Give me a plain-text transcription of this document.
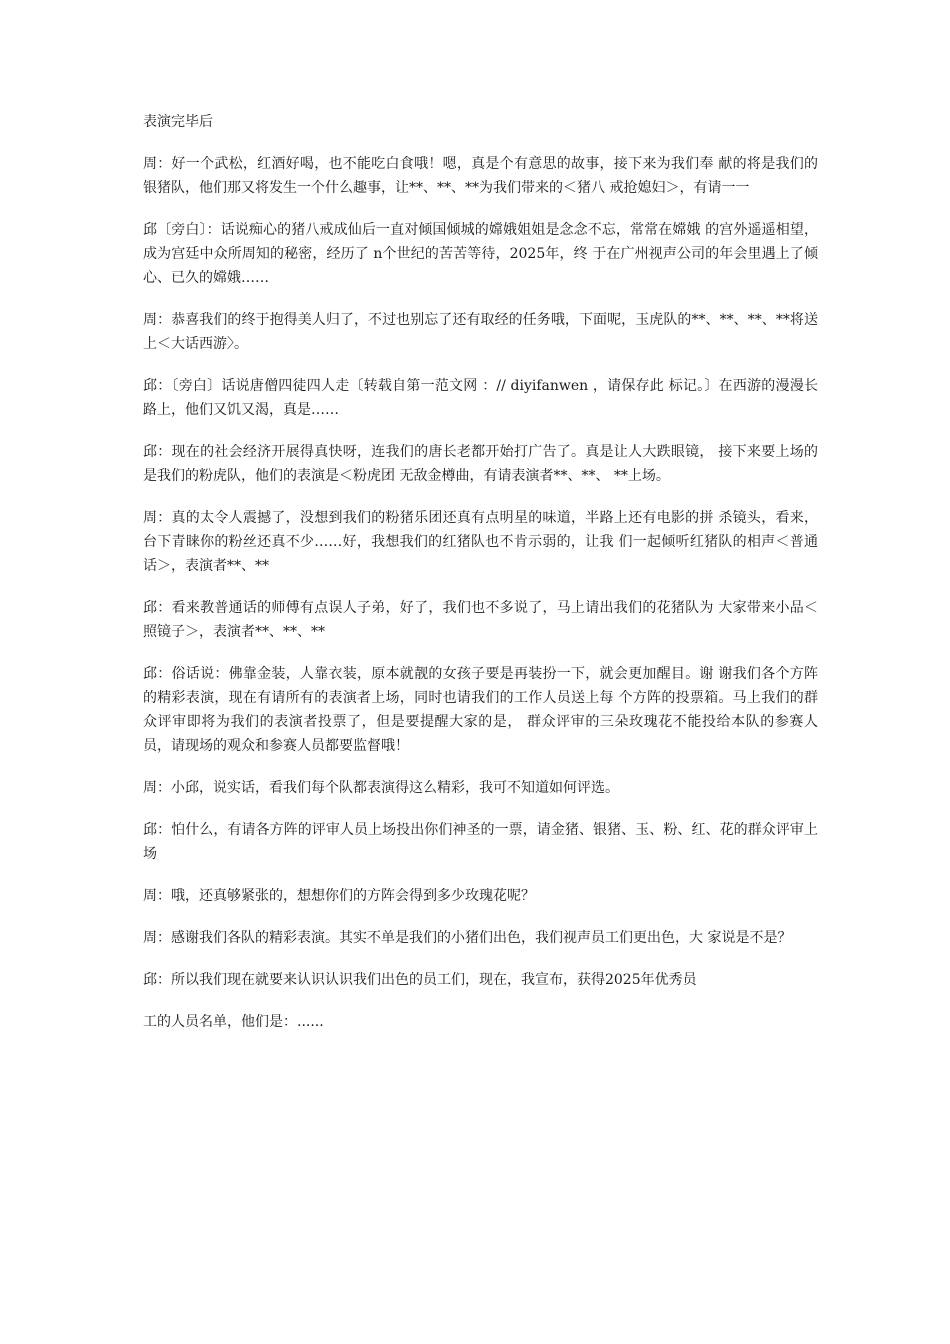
表演完毕后

周：好一个武松，红酒好喝，也不能吃白食哦！嗯，真是个有意思的故事，接下来为我们奉 献的将是我们的银猪队，他们那又将发生一个什么趣事，让**、**、**为我们带来的＜猪八 戒抢媳妇＞，有请一一

邱〔旁白〕：话说痴心的猪八戒成仙后一直对倾国倾城的嫦娥姐姐是念念不忘，常常在嫦娥 的宫外遥遥相望，成为宫廷中众所周知的秘密，经历了 n个世纪的苦苦等待，2025年，终 于在广州视声公司的年会里遇上了倾心、已久的嫦娥……

周：恭喜我们的终于抱得美人归了，不过也别忘了还有取经的任务哦，下面呢，玉虎队的**、**、**、**将送上＜大话西游〉。

邱：〔旁白〕话说唐僧四徒四人走〔转载自第一范文网 ：// diyifanwen ，请保存此 标记。〕在西游的漫漫长路上，他们又饥又渴，真是……

邱：现在的社会经济开展得真快呀，连我们的唐长老都开始打广告了。真是让人大跌眼镜， 接下来要上场的是我们的粉虎队，他们的表演是＜粉虎团 无敌金樽曲，有请表演者**、**、 **上场。

周：真的太令人震撼了，没想到我们的粉猪乐团还真有点明星的味道，半路上还有电影的拼 杀镜头，看来，台下青睐你的粉丝还真不少……好，我想我们的红猪队也不肯示弱的，让我 们一起倾听红猪队的相声＜普通话＞，表演者**、**

邱：看来教普通话的师傅有点误人子弟，好了，我们也不多说了，马上请出我们的花猪队为 大家带来小品＜照镜子＞，表演者**、**、**

邱：俗话说：佛靠金装，人靠衣装，原本就靓的女孩子要是再装扮一下，就会更加醒目。谢 谢我们各个方阵的精彩表演，现在有请所有的表演者上场，同时也请我们的工作人员送上每 个方阵的投票箱。马上我们的群众评审即将为我们的表演者投票了，但是要提醒大家的是， 群众评审的三朵玫瑰花不能投给本队的参赛人员，请现场的观众和参赛人员都要监督哦！

周：小邱，说实话，看我们每个队都表演得这么精彩，我可不知道如何评选。

邱：怕什么，有请各方阵的评审人员上场投出你们神圣的一票，请金猪、银猪、玉、粉、红、花的群众评审上场

周：哦，还真够紧张的，想想你们的方阵会得到多少玫瑰花呢？

周：感谢我们各队的精彩表演。其实不单是我们的小猪们出色，我们视声员工们更出色，大 家说是不是？

邱：所以我们现在就要来认识认识我们出色的员工们，现在，我宣布，获得2025年优秀员

工的人员名单，他们是：......
